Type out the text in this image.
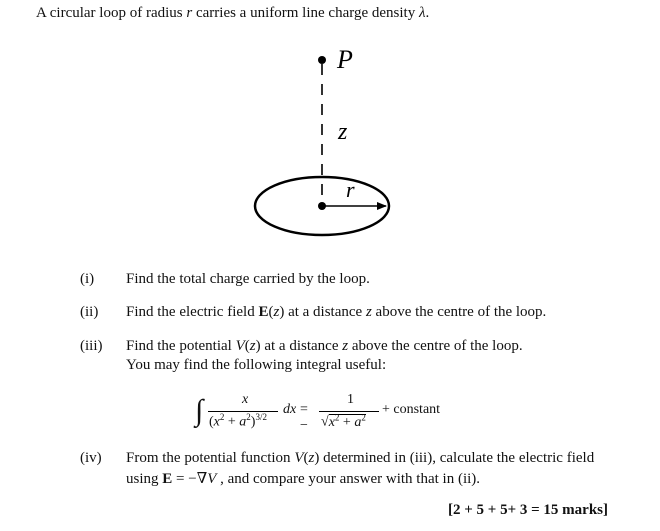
A circular loop of radius r carries a uniform line charge density λ.
P
z
r
(i) Find the total charge carried by the loop.
(ii) Find the electric field E(z) at a distance z above the centre of the loop.
(iii) Find the potential V(z) at a distance z above the centre of the loop.
You may find the following integral useful:
∫	x
$(x^2 + a^2)^{3/2}$ dx = −
1
$√x^2 + a^2$ + constant
(iv) From the potential function V(z) determined in (iii), calculate the electric field
using E = −∇V , and compare your answer with that in (ii).
[2 + 5 + 5+ 3 = 15 marks]
